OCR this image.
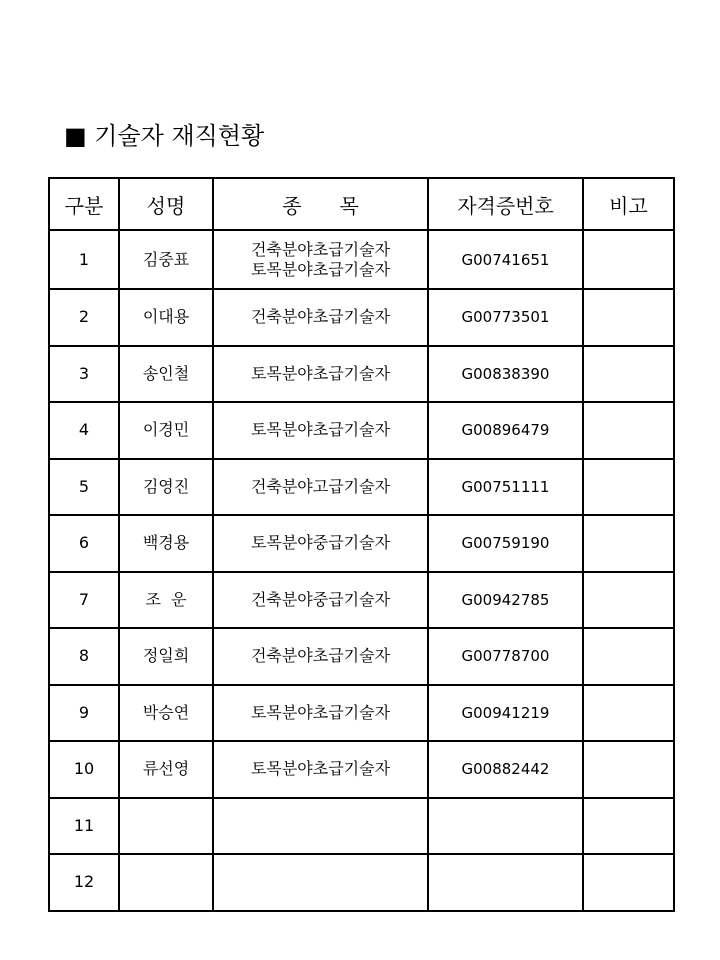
■ 기술자 재직현황
구분	성명	종      목	자격증번호	비고
1	김중표	건축분야초급기술자
토목분야초급기술자	G00741651	
2	이대용	건축분야초급기술자	G00773501	
3	송인철	토목분야초급기술자	G00838390	
4	이경민	토목분야초급기술자	G00896479	
5	김영진	건축분야고급기술자	G00751111	
6	백경용	토목분야중급기술자	G00759190	
7	조  운	건축분야중급기술자	G00942785	
8	정일희	건축분야초급기술자	G00778700	
9	박승연	토목분야초급기술자	G00941219	
10	류선영	토목분야초급기술자	G00882442	
11		

12		
